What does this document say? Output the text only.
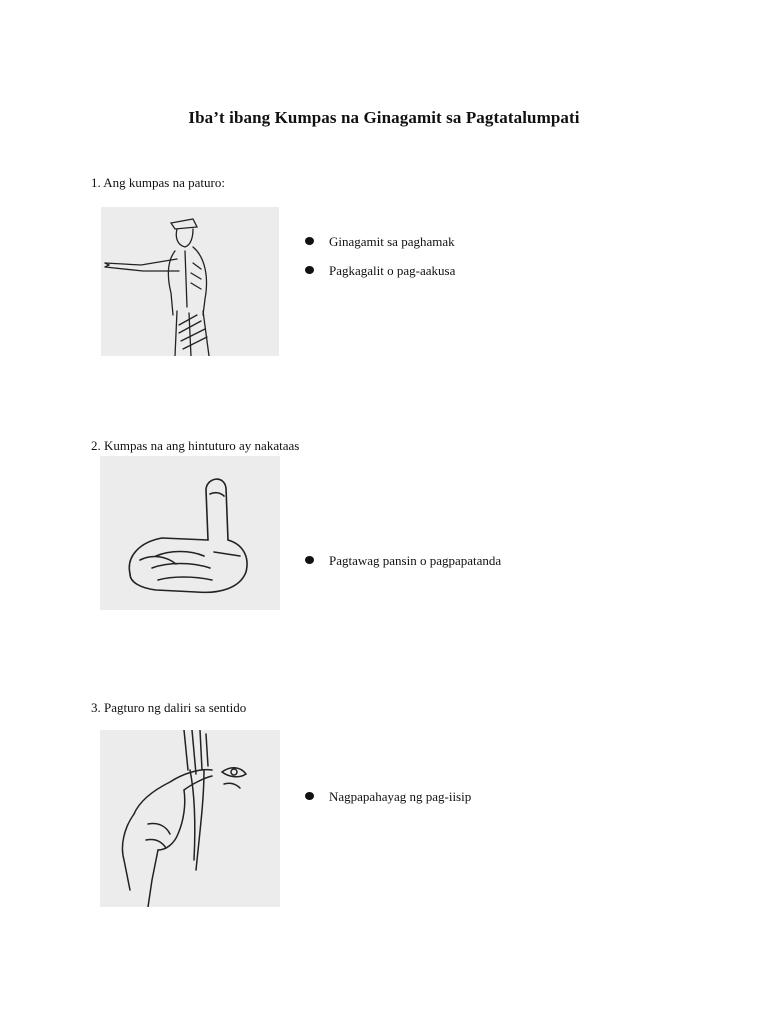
Iba’t ibang Kumpas na Ginagamit sa Pagtatalumpati
1. Ang kumpas na paturo:
Ginagamit sa paghamak
Pagkagalit o pag-aakusa
2. Kumpas na ang hintuturo ay nakataas
Pagtawag pansin o pagpapatanda
3. Pagturo ng daliri sa sentido
Nagpapahayag ng pag-iisip
